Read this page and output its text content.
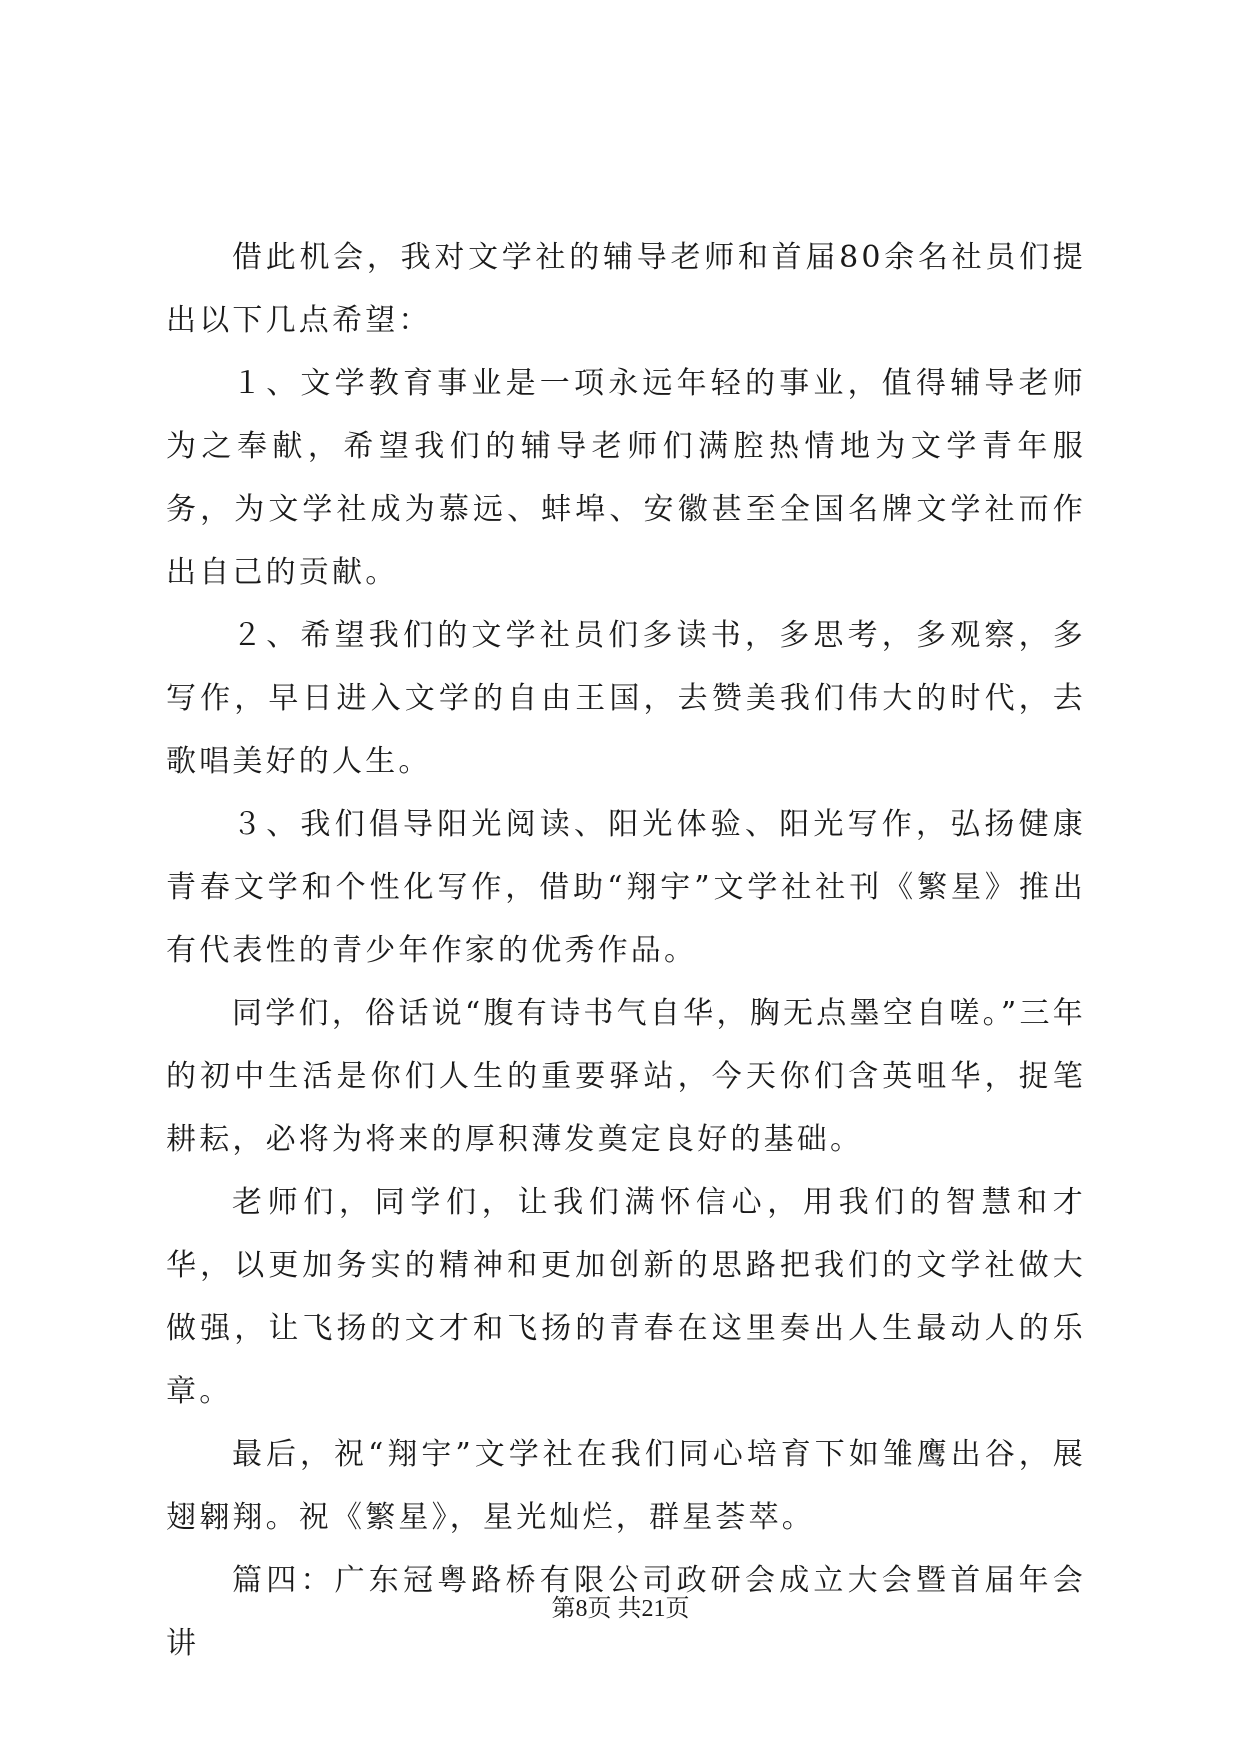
借此机会，我对文学社的辅导老师和首届80余名社员们提出以下几点希望：

１、文学教育事业是一项永远年轻的事业，值得辅导老师为之奉献，希望我们的辅导老师们满腔热情地为文学青年服务，为文学社成为慕远、蚌埠、安徽甚至全国名牌文学社而作出自己的贡献。

２、希望我们的文学社员们多读书，多思考，多观察，多写作，早日进入文学的自由王国，去赞美我们伟大的时代，去歌唱美好的人生。

３、我们倡导阳光阅读、阳光体验、阳光写作，弘扬健康青春文学和个性化写作，借助“翔宇”文学社社刊《繁星》推出有代表性的青少年作家的优秀作品。

同学们，俗话说“腹有诗书气自华，胸无点墨空自嗟。”三年的初中生活是你们人生的重要驿站，今天你们含英咀华，捉笔耕耘，必将为将来的厚积薄发奠定良好的基础。

老师们，同学们，让我们满怀信心，用我们的智慧和才华，以更加务实的精神和更加创新的思路把我们的文学社做大做强，让飞扬的文才和飞扬的青春在这里奏出人生最动人的乐章。

最后，祝“翔宇”文学社在我们同心培育下如雏鹰出谷，展翅翱翔。祝《繁星》，星光灿烂，群星荟萃。

篇四：广东冠粤路桥有限公司政研会成立大会暨首届年会讲

第8页 共21页
